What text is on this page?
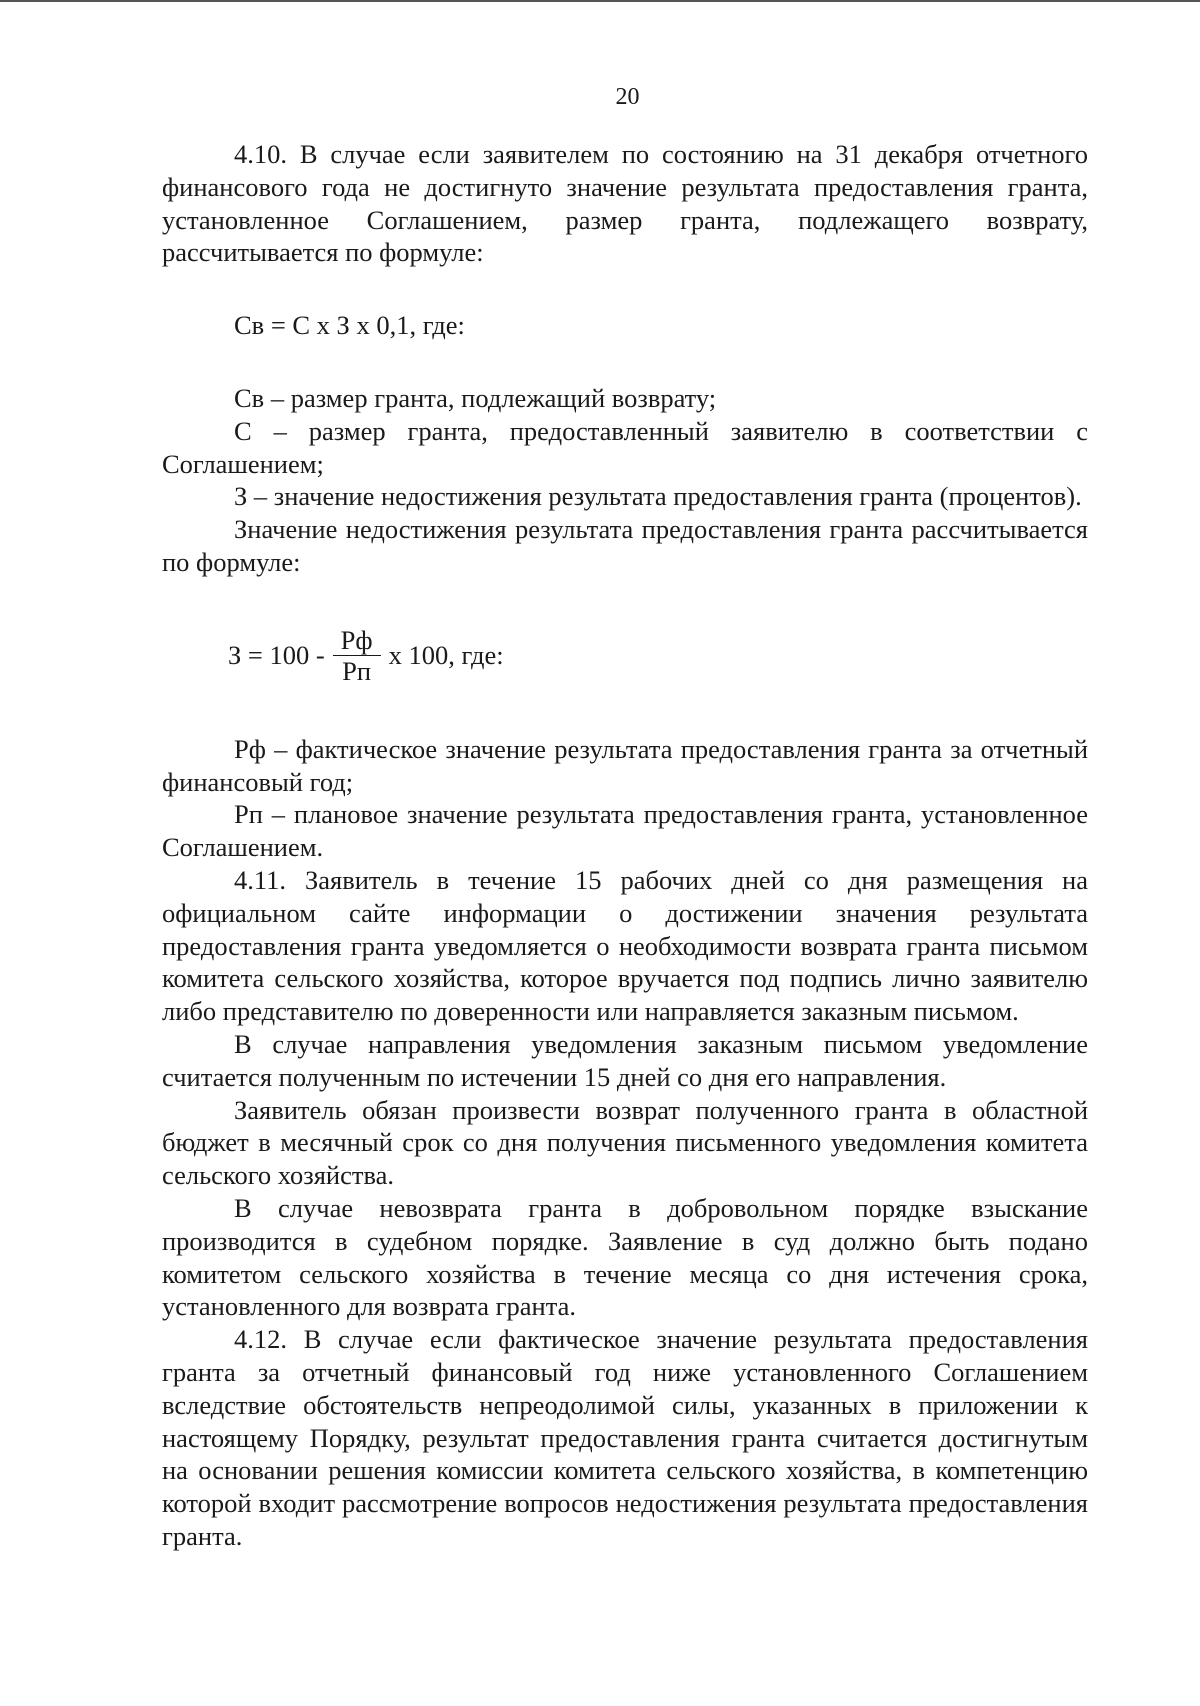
20

4.10. В случае если заявителем по состоянию на 31 декабря отчетного финансового года не достигнуто значение результата предоставления гранта, установленное Соглашением, размер гранта, подлежащего возврату, рассчитывается по формуле:

Св = С х З х 0,1, где:

Св – размер гранта, подлежащий возврату;

С – размер гранта, предоставленный заявителю в соответствии с Соглашением;

З – значение недостижения результата предоставления гранта (процентов).

Значение недостижения результата предоставления гранта рассчитывается по формуле:

$З = 100 - \frac{Рф}{Рп}$ х 100, где:

Рф – фактическое значение результата предоставления гранта за отчетный финансовый год;

Рп – плановое значение результата предоставления гранта, установленное Соглашением.

4.11. Заявитель в течение 15 рабочих дней со дня размещения на официальном сайте информации о достижении значения результата предоставления гранта уведомляется о необходимости возврата гранта письмом комитета сельского хозяйства, которое вручается под подпись лично заявителю либо представителю по доверенности или направляется заказным письмом.

В случае направления уведомления заказным письмом уведомление считается полученным по истечении 15 дней со дня его направления.

Заявитель обязан произвести возврат полученного гранта в областной бюджет в месячный срок со дня получения письменного уведомления комитета сельского хозяйства.

В случае невозврата гранта в добровольном порядке взыскание производится в судебном порядке. Заявление в суд должно быть подано комитетом сельского хозяйства в течение месяца со дня истечения срока, установленного для возврата гранта.

4.12. В случае если фактическое значение результата предоставления гранта за отчетный финансовый год ниже установленного Соглашением вследствие обстоятельств непреодолимой силы, указанных в приложении к настоящему Порядку, результат предоставления гранта считается достигнутым на основании решения комиссии комитета сельского хозяйства, в компетенцию которой входит рассмотрение вопросов недостижения результата предоставления гранта.
